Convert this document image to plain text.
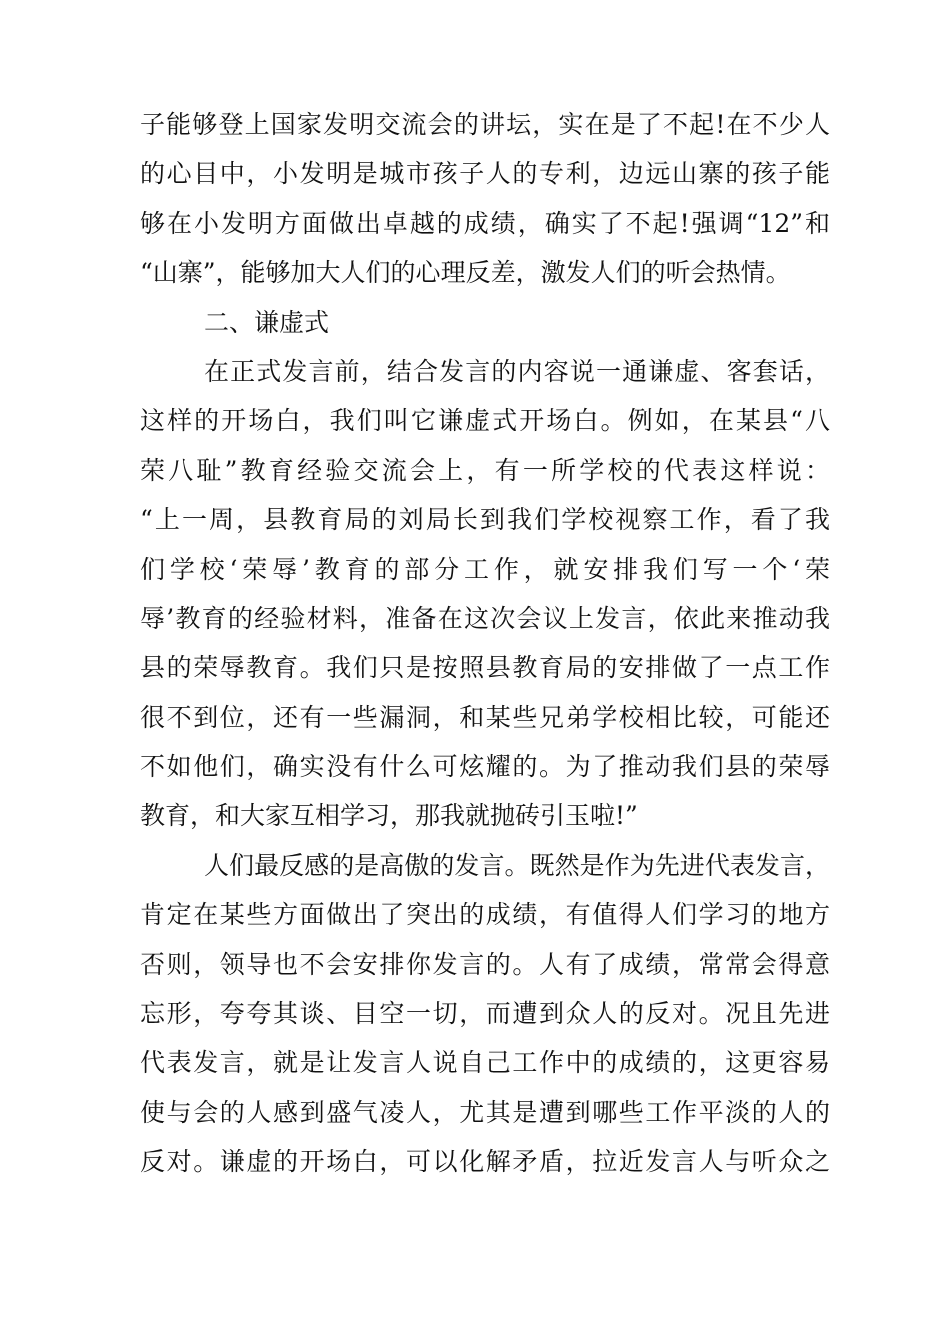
子能够登上国家发明交流会的讲坛，实在是了不起!在不少人
的心目中，小发明是城市孩子人的专利，边远山寨的孩子能
够在小发明方面做出卓越的成绩，确实了不起!强调“12”和
“山寨”，能够加大人们的心理反差，激发人们的听会热情。
二、谦虚式
在正式发言前，结合发言的内容说一通谦虚、客套话，
这样的开场白，我们叫它谦虚式开场白。例如，在某县“八
荣八耻”教育经验交流会上，有一所学校的代表这样说：
“上一周，县教育局的刘局长到我们学校视察工作，看了我
们学校‘荣辱’教育的部分工作，就安排我们写一个‘荣
辱’教育的经验材料，准备在这次会议上发言，依此来推动我
县的荣辱教育。我们只是按照县教育局的安排做了一点工作
很不到位，还有一些漏洞，和某些兄弟学校相比较，可能还
不如他们，确实没有什么可炫耀的。为了推动我们县的荣辱
教育，和大家互相学习，那我就抛砖引玉啦!”
人们最反感的是高傲的发言。既然是作为先进代表发言，
肯定在某些方面做出了突出的成绩，有值得人们学习的地方
否则，领导也不会安排你发言的。人有了成绩，常常会得意
忘形，夸夸其谈、目空一切，而遭到众人的反对。况且先进
代表发言，就是让发言人说自己工作中的成绩的，这更容易
使与会的人感到盛气凌人，尤其是遭到哪些工作平淡的人的
反对。谦虚的开场白，可以化解矛盾，拉近发言人与听众之
